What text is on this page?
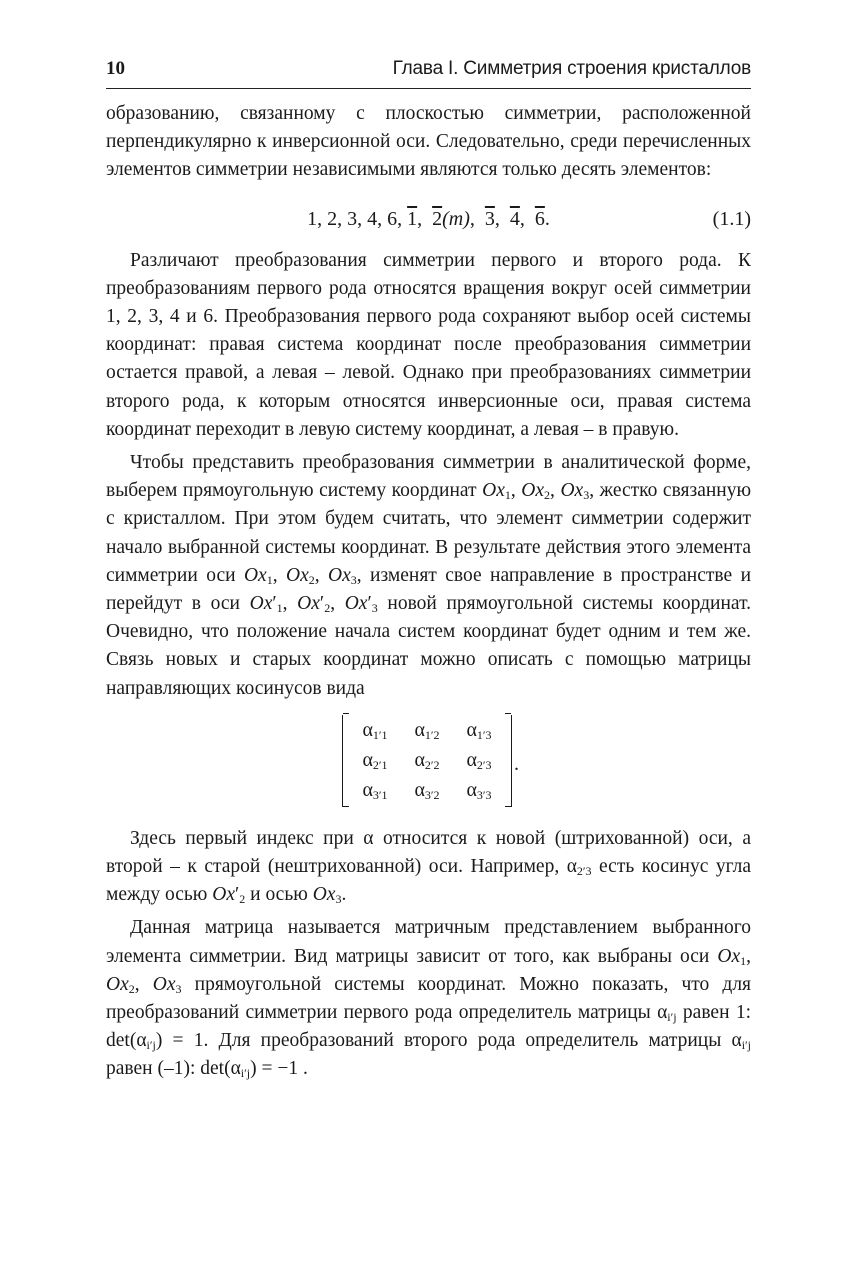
10	Глава I. Симметрия строения кристаллов

образованию, связанному с плоскостью симметрии, расположенной перпендикулярно к инверсионной оси. Следовательно, среди перечисленных элементов симметрии независимыми являются только десять элементов:

1, 2, 3, 4, 6, 1,  2(m),  3,  4,  6.	(1.1)

Различают преобразования симметрии первого и второго рода. К преобразованиям первого рода относятся вращения вокруг осей симметрии 1, 2, 3, 4 и 6. Преобразования первого рода сохраняют выбор осей системы координат: правая система координат после преобразования симметрии остается правой, а левая – левой. Однако при преобразованиях симметрии второго рода, к которым относятся инверсионные оси, правая система координат переходит в левую систему координат, а левая – в правую.

Чтобы представить преобразования симметрии в аналитической форме, выберем прямоугольную систему координат $Ox_1$, $Ox_2$, $Ox_3$, жестко связанную с кристаллом. При этом будем считать, что элемент симметрии содержит начало выбранной системы координат. В результате действия этого элемента симметрии оси $Ox_1$, $Ox_2$, $Ox_3$, изменят свое направление в пространстве и перейдут в оси $Ox'_1$, $Ox'_2$, $Ox'_3$ новой прямоугольной системы координат. Очевидно, что положение начала систем координат будет одним и тем же. Связь новых и старых координат можно описать с помощью матрицы направляющих косинусов вида

$\alpha_{1'1}$	$\alpha_{1'2}$	$\alpha_{1'3}$
$\alpha_{2'1}$	$\alpha_{2'2}$	$\alpha_{2'3}$
$\alpha_{3'1}$	$\alpha_{3'2}$	$\alpha_{3'3}$
.

Здесь первый индекс при α относится к новой (штрихованной) оси, а второй – к старой (нештрихованной) оси. Например, $\alpha_{2'3}$ есть косинус угла между осью $Ox'_2$ и осью $Ox_3$.

Данная матрица называется матричным представлением выбранного элемента симметрии. Вид матрицы зависит от того, как выбраны оси $Ox_1$, $Ox_2$, $Ox_3$ прямоугольной системы координат. Можно показать, что для преобразований симметрии первого рода определитель матрицы $\alpha_{i'j}$ равен 1: $\det(\alpha_{i'j}) = 1$. Для преобразований второго рода определитель матрицы $\alpha_{i'j}$ равен (–1): $\det(\alpha_{i'j}) = -1$ .
